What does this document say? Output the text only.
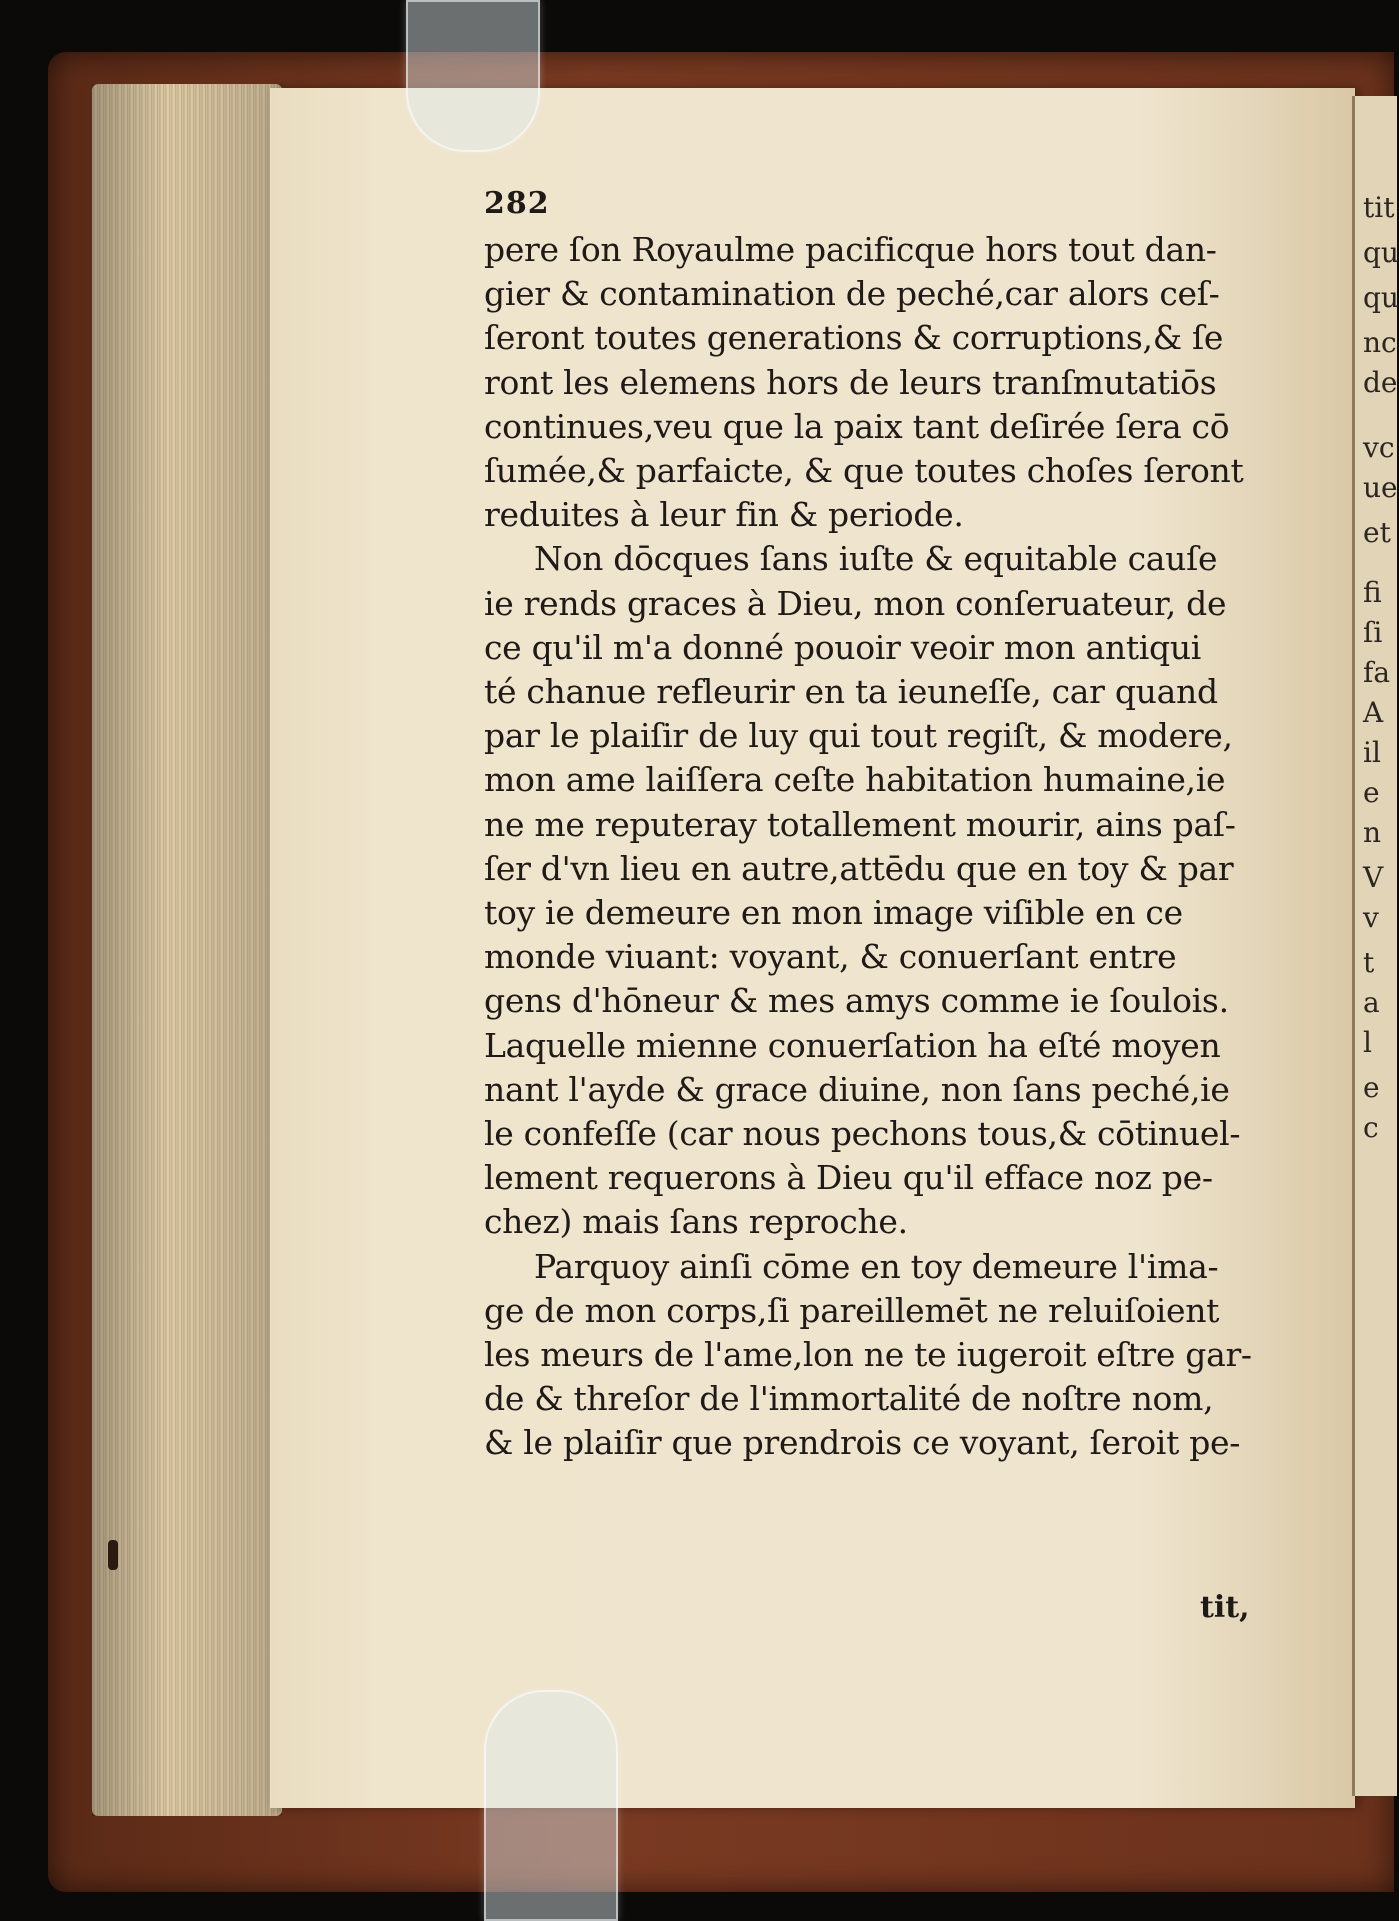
tit
qu
qu
nc
de
vc
ue
et
fi
ſi
fa
A
il
e
n
V
v
t
a
l
e
c
282
pere ſon Royaulme pacificque hors tout dan-
gier & contamination de peché,car alors ceſ-
ſeront toutes generations & corruptions,& ſe
ront les elemens hors de leurs tranſmutatiōs
continues,veu que la paix tant deſirée ſera cō
ſumée,& parfaicte, & que toutes choſes ſeront
reduites à leur fin & periode.
Non dōcques ſans iuſte & equitable cauſe
ie rends graces à Dieu, mon conſeruateur, de
ce qu'il m'a donné pouoir veoir mon antiqui
té chanue refleurir en ta ieuneſſe, car quand
par le plaiſir de luy qui tout regiſt, & modere,
mon ame laiſſera ceſte habitation humaine,ie
ne me reputeray totallement mourir, ains paſ-
ſer d'vn lieu en autre,attēdu que en toy & par
toy ie demeure en mon image viſible en ce
monde viuant: voyant, & conuerſant entre
gens d'hōneur & mes amys comme ie ſoulois.
Laquelle mienne conuerſation ha eſté moyen
nant l'ayde & grace diuine, non ſans peché,ie
le confeſſe (car nous pechons tous,& cōtinuel-
lement requerons à Dieu qu'il efface noz pe-
chez) mais ſans reproche.
Parquoy ainſi cōme en toy demeure l'ima-
ge de mon corps,ſi pareillemēt ne reluiſoient
les meurs de l'ame,lon ne te iugeroit eſtre gar-
de & threſor de l'immortalité de noſtre nom,
& le plaiſir que prendrois ce voyant, ſeroit pe-
tit,
